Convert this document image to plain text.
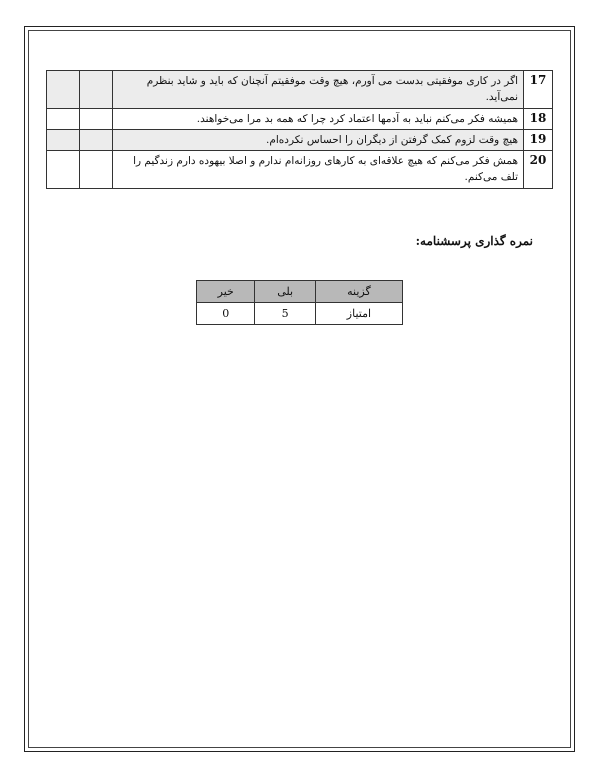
17	اگر در کاری موفقیتی بدست می آورم، هیچ وقت موفقیتم آنچنان که باید و شاید بنظرم نمی‌آید.		
18	همیشه فکر می‌کنم نباید به آدمها اعتماد کرد چرا که همه بد مرا می‌خواهند.		
19	هیچ وقت لزوم کمک گرفتن از دیگران را احساس نکرده‌ام.		
20	همش فکر می‌کنم که هیچ علاقه‌ای به کارهای روزانه‌ام ندارم و اصلا بیهوده دارم زندگیم را تلف می‌کنم.		
نمره گذاری پرسشنامه:
گزینه	بلی	خیر
امتیاز	5	0
